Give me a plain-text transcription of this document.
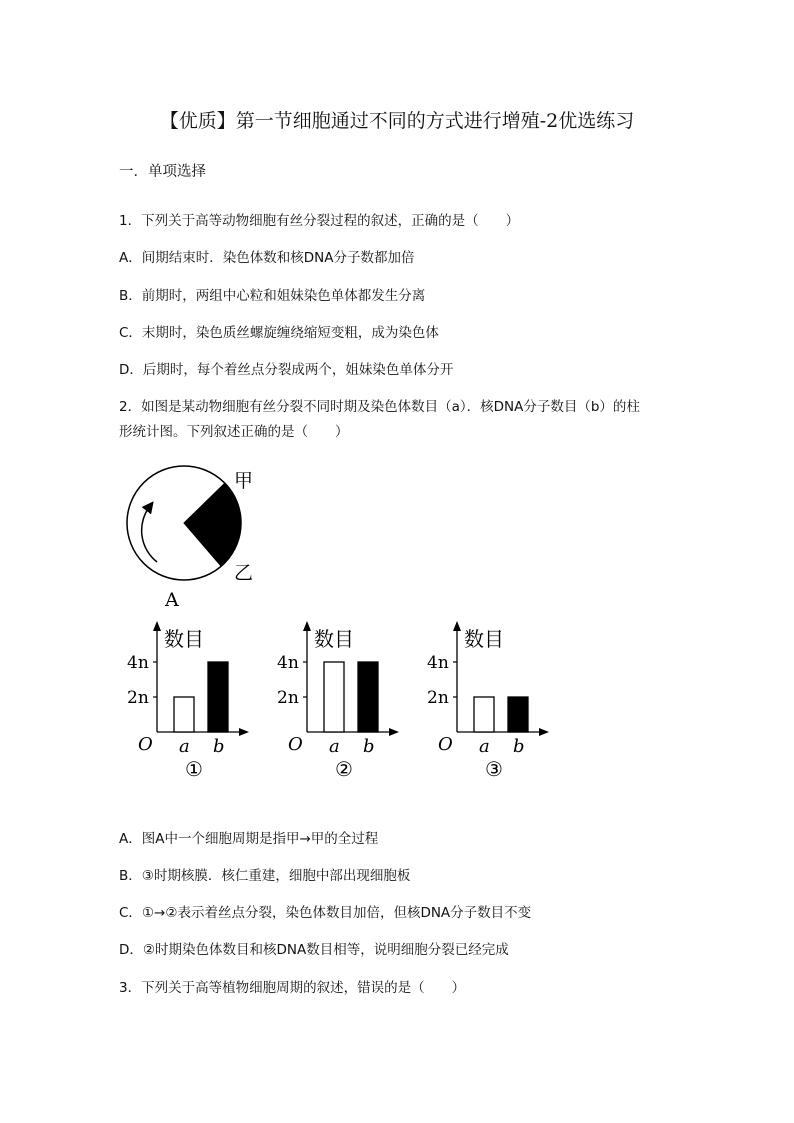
【优质】第一节细胞通过不同的方式进行增殖-2优选练习
一．单项选择
1．下列关于高等动物细胞有丝分裂过程的叙述，正确的是（　　）
A．间期结束时．染色体数和核DNA分子数都加倍
B．前期时，两组中心粒和姐妹染色单体都发生分离
C．末期时，染色质丝螺旋缠绕缩短变粗，成为染色体
D．后期时，每个着丝点分裂成两个，姐妹染色单体分开
2．如图是某动物细胞有丝分裂不同时期及染色体数目（a）．核DNA分子数目（b）的柱
形统计图。下列叙述正确的是（　　）
甲
乙
A
数目
2n
4n
a b
O
①
数目
2n
4n
a b
O
②
数目
2n
4n
a b
O
③
A．图A中一个细胞周期是指甲→甲的全过程
B．③时期核膜．核仁重建，细胞中部出现细胞板
C．①→②表示着丝点分裂，染色体数目加倍，但核DNA分子数目不变
D．②时期染色体数目和核DNA数目相等，说明细胞分裂已经完成
3．下列关于高等植物细胞周期的叙述，错误的是（　　）
